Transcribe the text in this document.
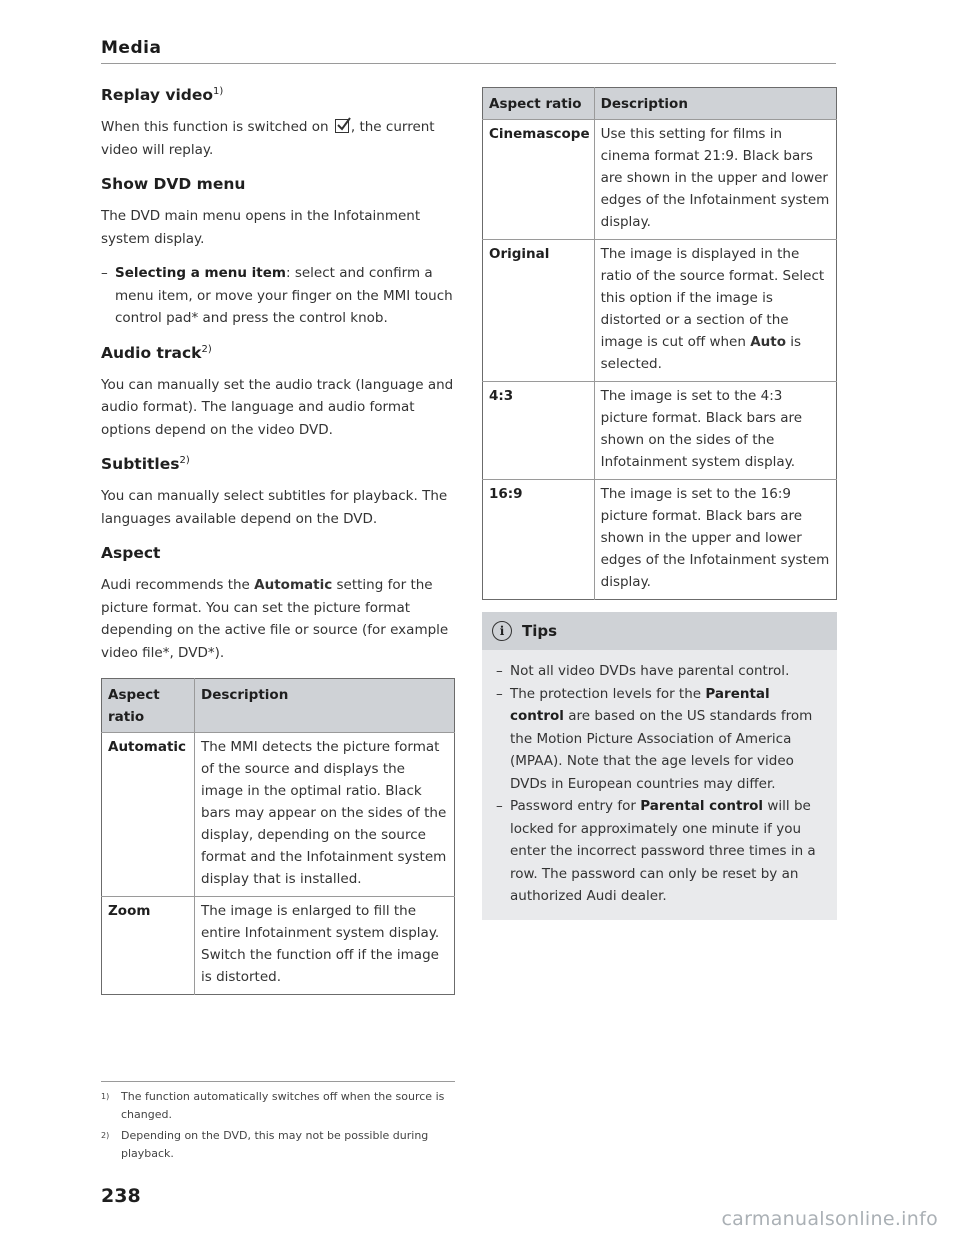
Media
Replay video$^{1)}$

When this function is switched on , the current video will replay.

Show DVD menu

The DVD main menu opens in the Infotainment system display.

– Selecting a menu item: select and confirm a menu item, or move your finger on the MMI touch control pad* and press the control knob.
Audio track$^{2)}$

You can manually set the audio track (language and audio format). The language and audio format options depend on the video DVD.

Subtitles$^{2)}$

You can manually select subtitles for playback. The languages available depend on the DVD.

Aspect

Audi recommends the Automatic setting for the picture format. You can set the picture format depending on the active file or source (for example video file*, DVD*).

Aspect ratio	Description
Automatic	The MMI detects the picture format of the source and displays the image in the optimal ratio. Black bars may appear on the sides of the display, depending on the source format and the Infotainment system display that is installed.
Zoom	The image is enlarged to fill the entire Infotainment system display. Switch the function off if the image is distorted.
Aspect ratio	Description
Cinemascope	Use this setting for films in cinema format 21:9. Black bars are shown in the upper and lower edges of the Infotainment system display.
Original	The image is displayed in the ratio of the source format. Select this option if the image is distorted or a section of the image is cut off when Auto is selected.
4:3	The image is set to the 4:3 picture format. Black bars are shown on the sides of the Infotainment system display.
16:9	The image is set to the 16:9 picture format. Black bars are shown in the upper and lower edges of the Infotainment system display.
i	Tips
– Not all video DVDs have parental control.
– The protection levels for the Parental control are based on the US standards from the Motion Picture Association of America (MPAA). Note that the age levels for video DVDs in European countries may differ.
– Password entry for Parental control will be locked for approximately one minute if you enter the incorrect password three times in a row. The password can only be reset by an authorized Audi dealer.
$^{1)}$	The function automatically switches off when the source is changed.
$^{2)}$	Depending on the DVD, this may not be possible during playback.
238
carmanualsonline.info
